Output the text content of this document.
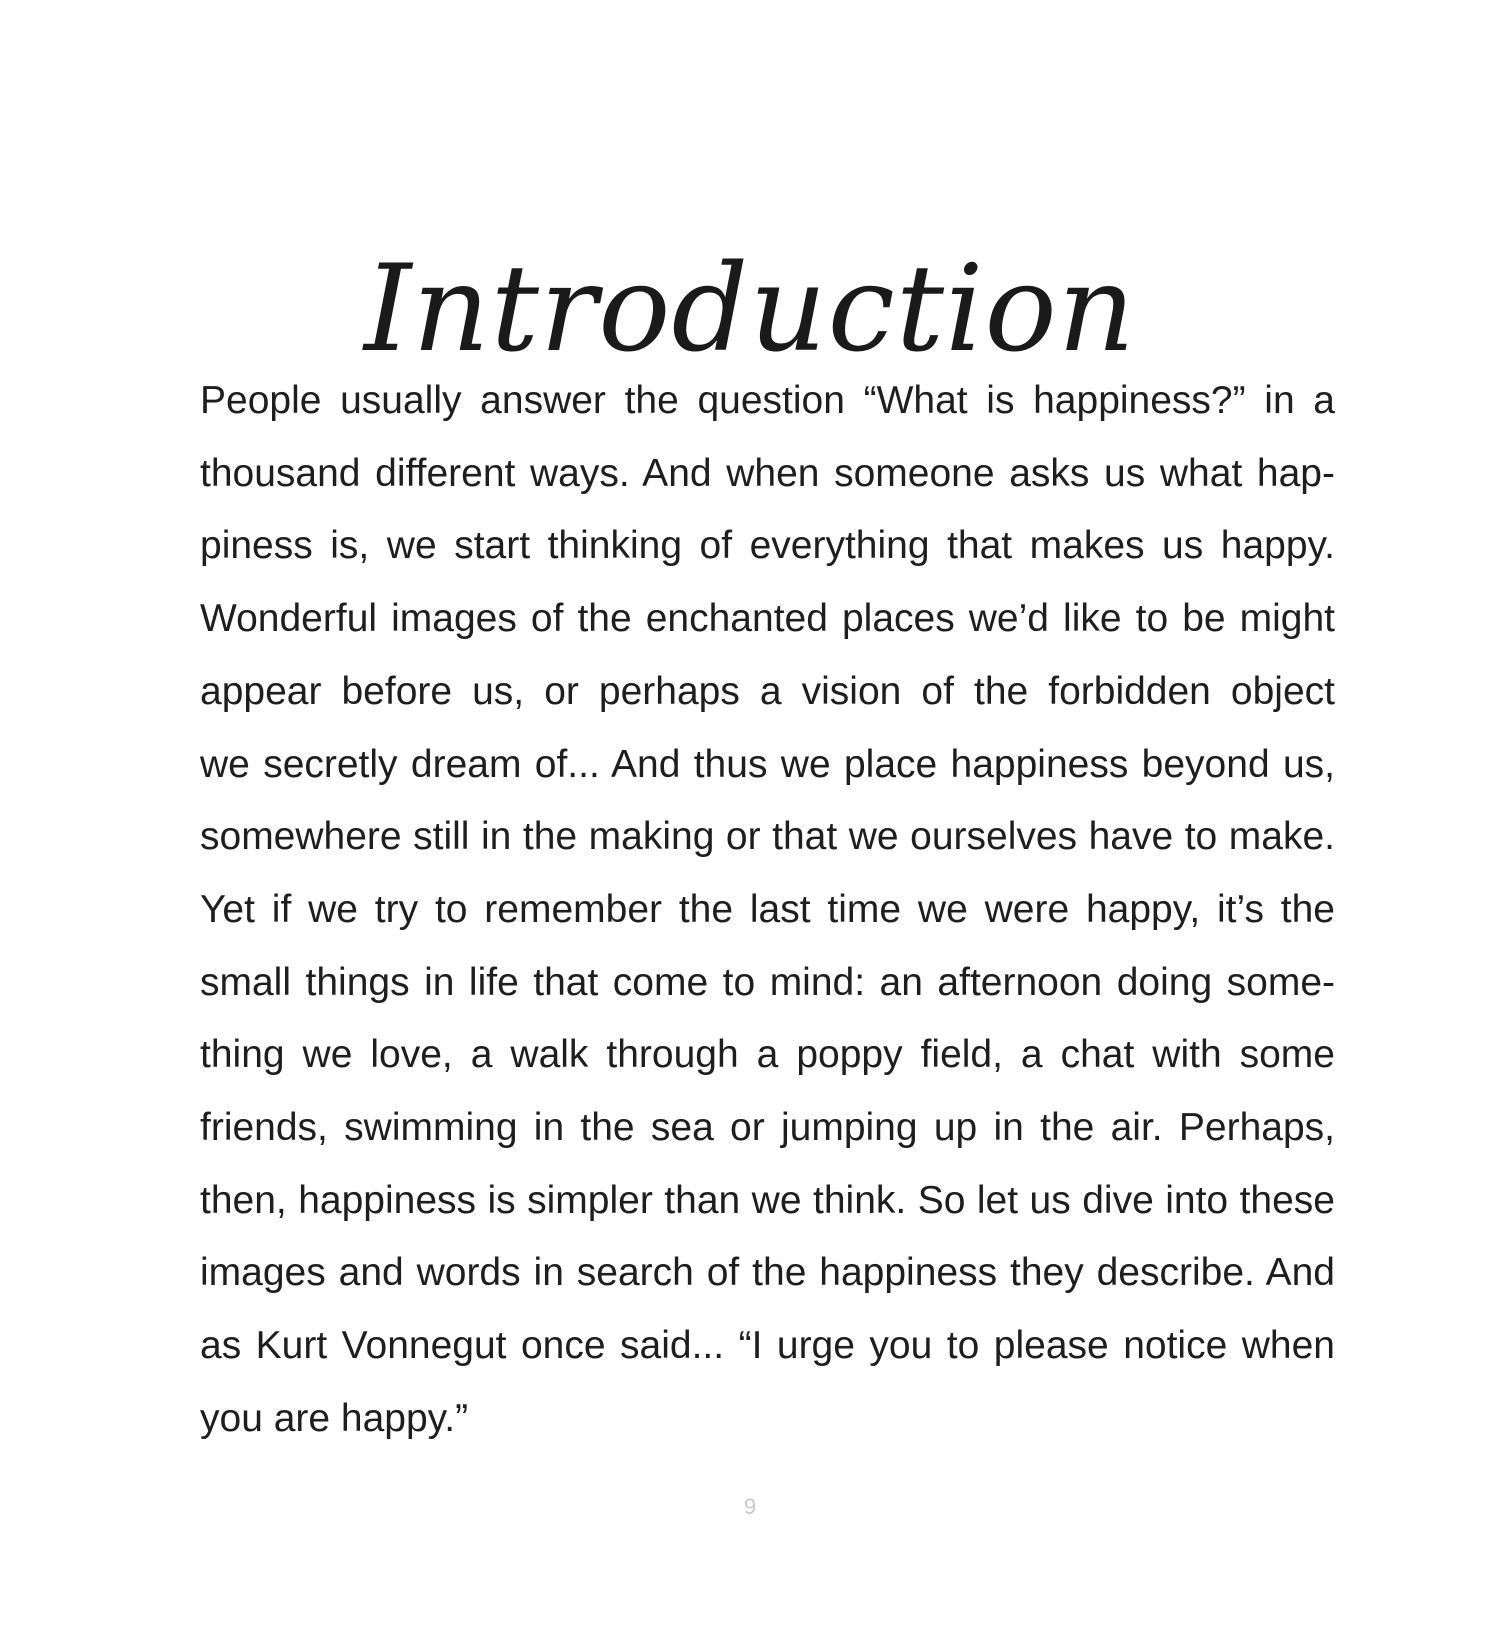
Introduction
People usually answer the question “What is happiness?” in a
thousand different ways. And when someone asks us what hap-
piness is, we start thinking of everything that makes us happy.
Wonderful images of the enchanted places we’d like to be might
appear before us, or perhaps a vision of the forbidden object
we secretly dream of... And thus we place happiness beyond us,
somewhere still in the making or that we ourselves have to make.
Yet if we try to remember the last time we were happy, it’s the
small things in life that come to mind: an afternoon doing some-
thing we love, a walk through a poppy field, a chat with some
friends, swimming in the sea or jumping up in the air. Perhaps,
then, happiness is simpler than we think. So let us dive into these
images and words in search of the happiness they describe. And
as Kurt Vonnegut once said... “I urge you to please notice when
you are happy.”
9
